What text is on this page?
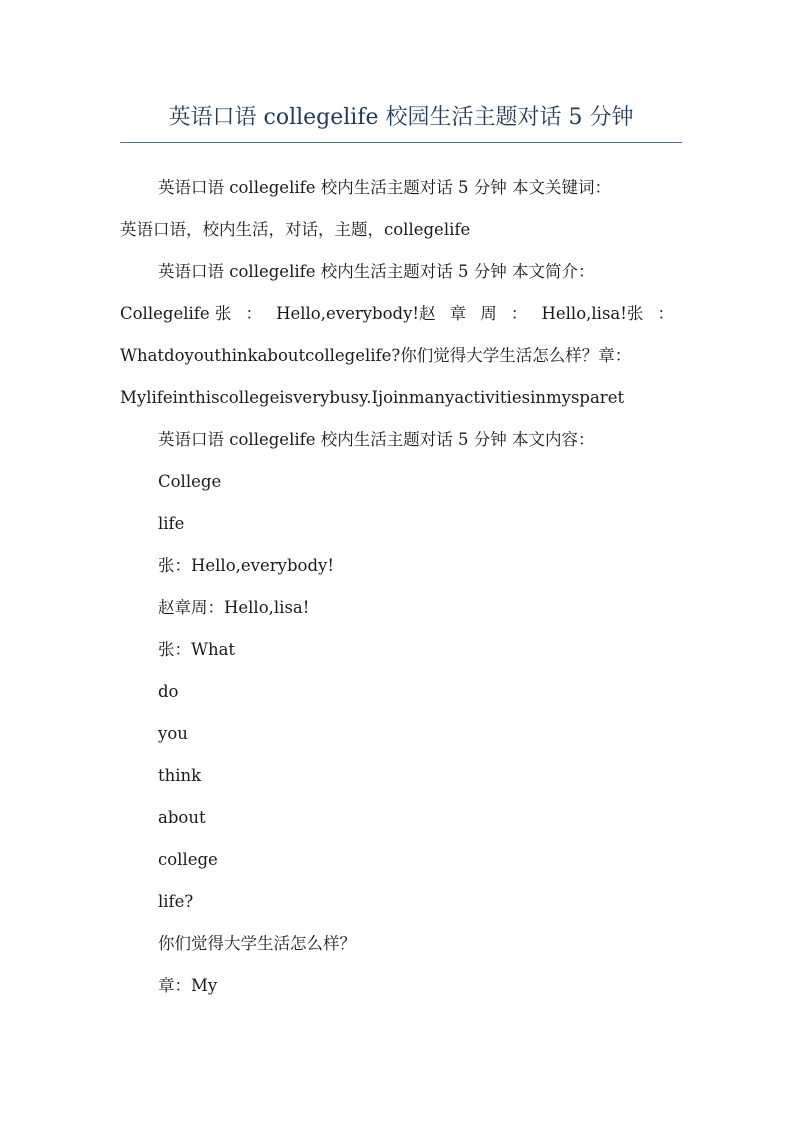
英语口语 collegelife 校园生活主题对话 5 分钟
英语口语 collegelife 校内生活主题对话 5 分钟 本文关键词：
英语口语，校内生活，对话，主题，collegelife
英语口语 collegelife 校内生活主题对话 5 分钟 本文简介：
Collegelife 张 ： Hello,everybody!赵 章 周 ： Hello,lisa!张 ：
Whatdoyouthinkaboutcollegelife?你们觉得大学生活怎么样？章：
Mylifeinthiscollegeisverybusy.Ijoinmanyactivitiesinmysparet
英语口语 collegelife 校内生活主题对话 5 分钟 本文内容：
College
life
张：Hello,everybody!
赵章周：Hello,lisa!
张：What
do
you
think
about
college
life?
你们觉得大学生活怎么样？
章：My
